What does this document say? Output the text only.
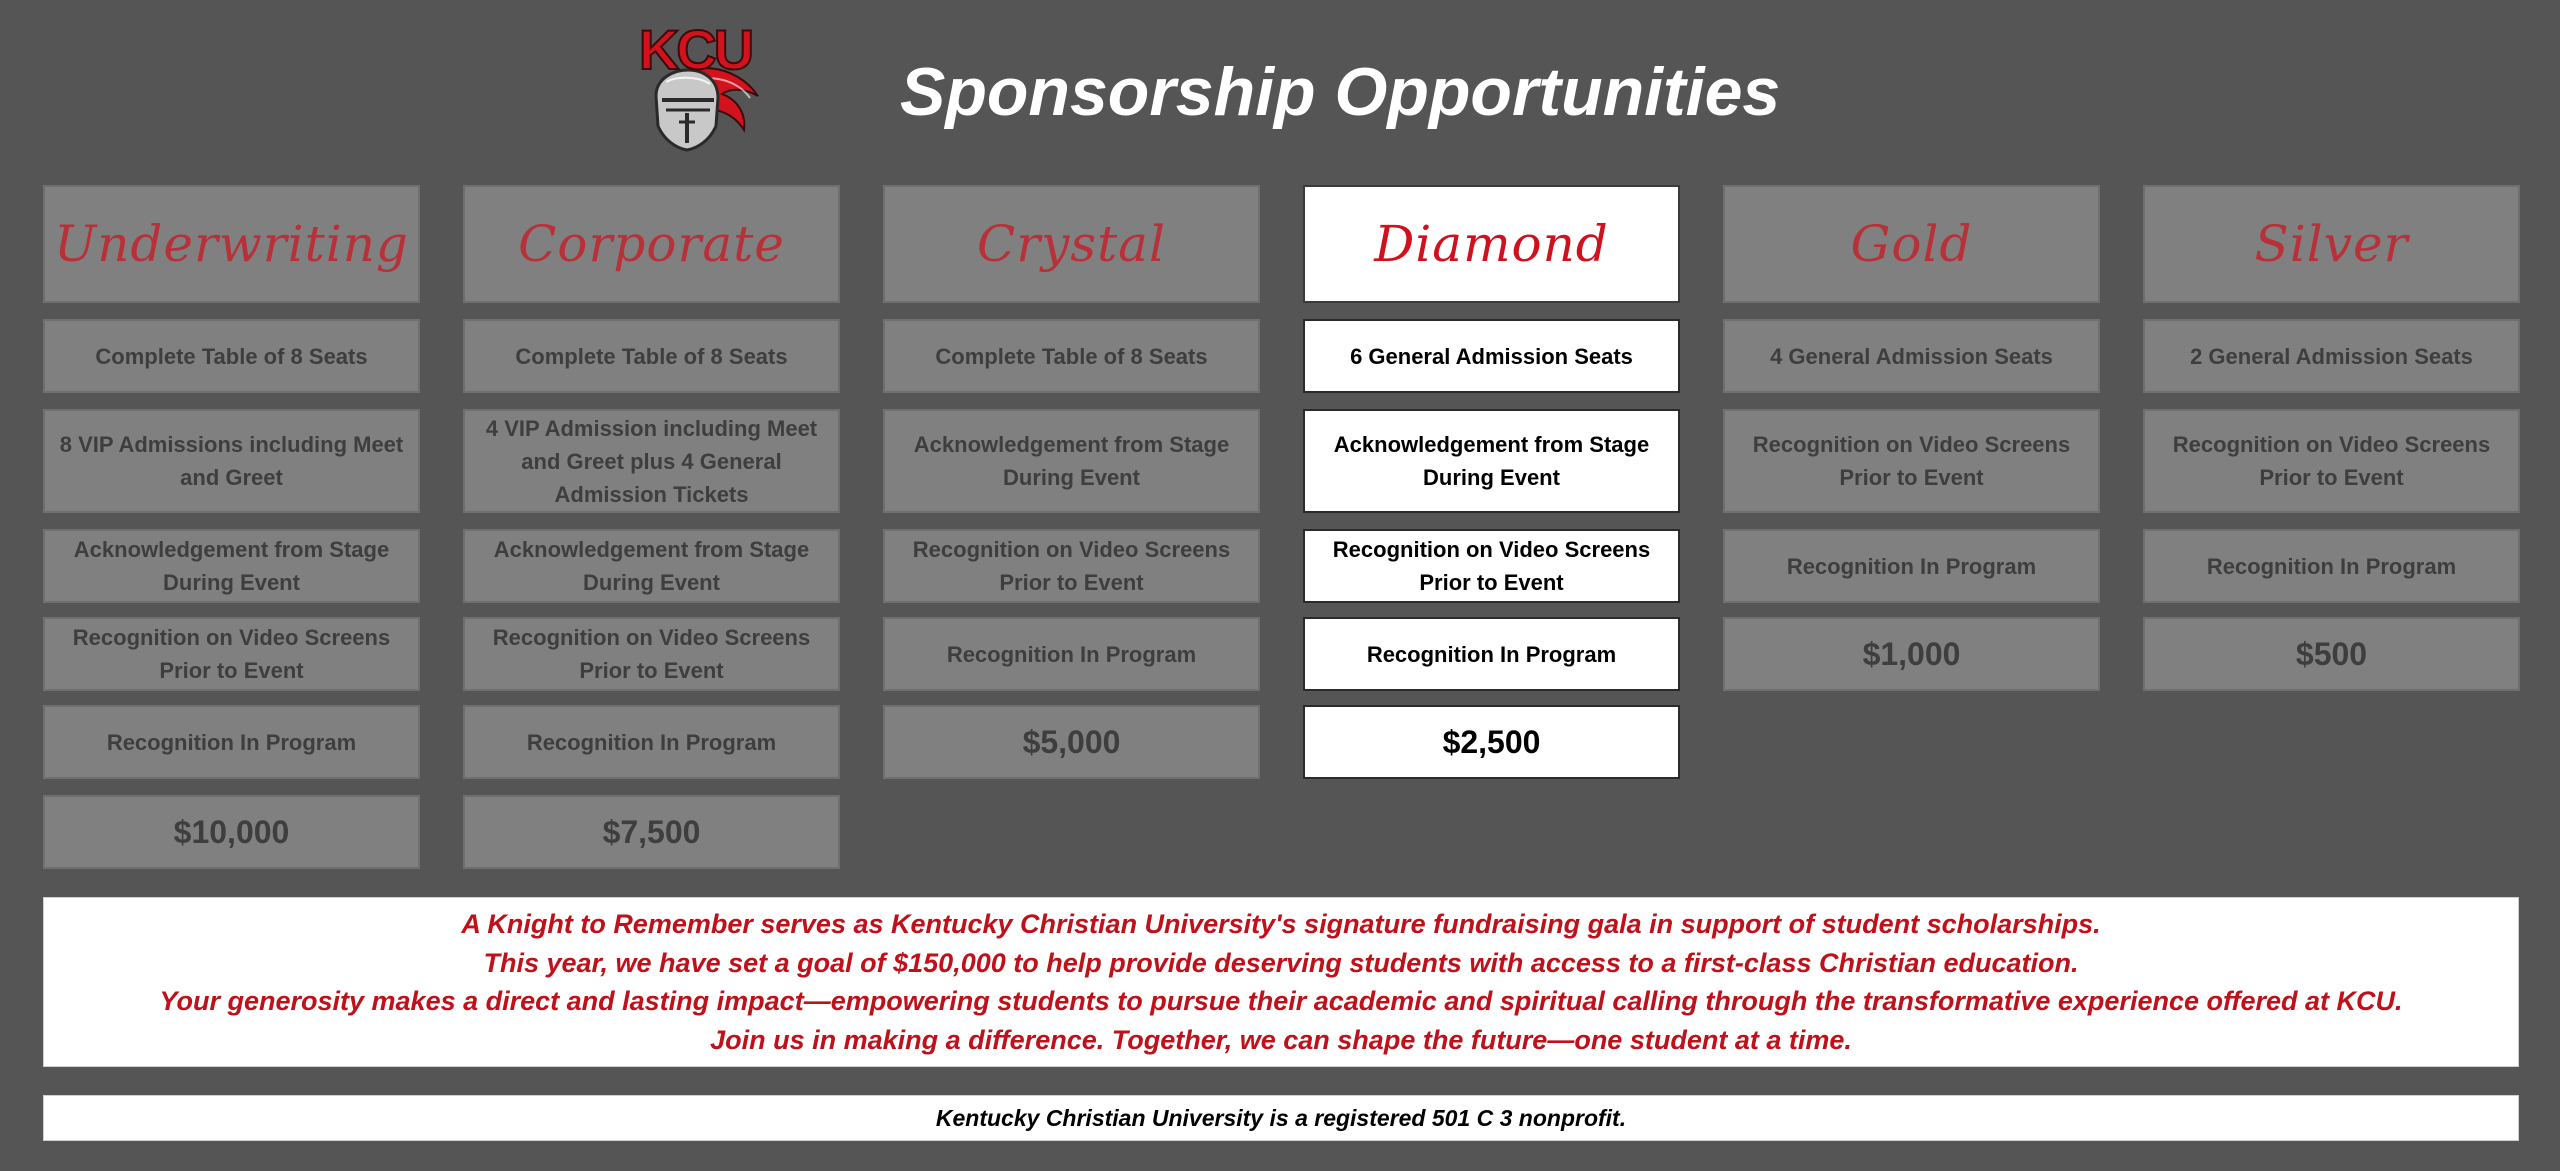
KCU
Sponsorship Opportunities
Underwriting
Complete Table of 8 Seats
8 VIP Admissions including Meet and Greet
Acknowledgement from Stage During Event
Recognition on Video Screens Prior to Event
Recognition In Program
$10,000
Corporate
Complete Table of 8 Seats
4 VIP Admission including Meet and Greet plus 4 General Admission Tickets
Acknowledgement from Stage During Event
Recognition on Video Screens Prior to Event
Recognition In Program
$7,500
Crystal
Complete Table of 8 Seats
Acknowledgement from Stage During Event
Recognition on Video Screens Prior to Event
Recognition In Program
$5,000
Diamond
6 General Admission Seats
Acknowledgement from Stage During Event
Recognition on Video Screens Prior to Event
Recognition In Program
$2,500
Gold
4 General Admission Seats
Recognition on Video Screens Prior to Event
Recognition In Program
$1,000
Silver
2 General Admission Seats
Recognition on Video Screens Prior to Event
Recognition In Program
$500
A Knight to Remember serves as Kentucky Christian University's signature fundraising gala in support of student scholarships.
This year, we have set a goal of $150,000 to help provide deserving students with access to a first-class Christian education.
Your generosity makes a direct and lasting impact—empowering students to pursue their academic and spiritual calling through the transformative experience offered at KCU.
Join us in making a difference. Together, we can shape the future—one student at a time.
Kentucky Christian University is a registered 501 C 3 nonprofit.
